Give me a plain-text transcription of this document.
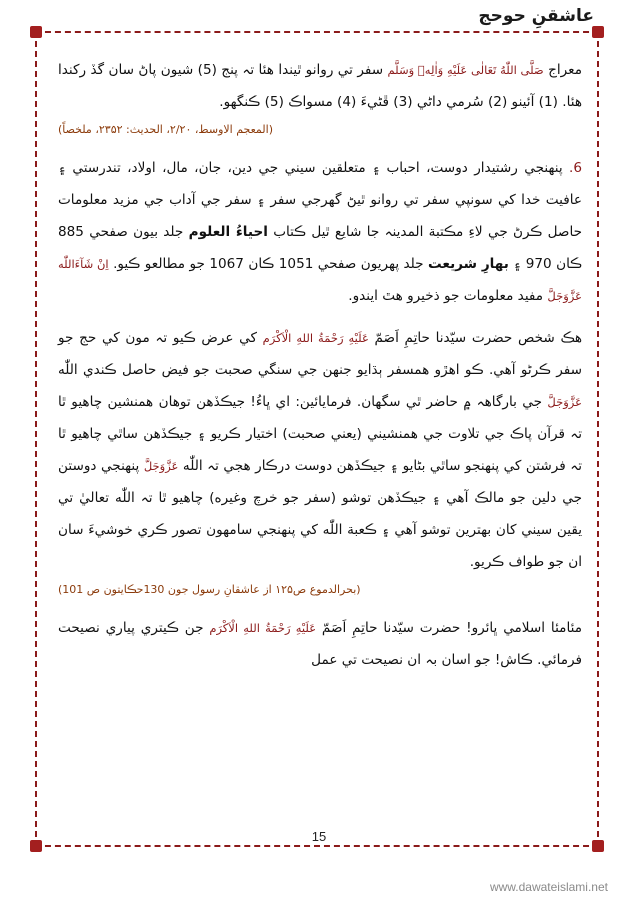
عاشقنِ حوحج

معراج صَلَّى اللّٰهُ تَعَالٰى عَلَيْهِ وَاٰلِهٖ وَسَلَّم سفر تي روانو ٿيندا هئا تہ پنج (5) شيون پاڻ سان گڏ رکندا هئا. (1) آئينو (2) سُرمي داڻي (3) ڦڻيءَ (4) مسواڪ (5) ڪنگهو.

(المعجم الاوسط، ۲/۲۰، الحديث: ۲۳۵۲، ملخصاً)

6. پنهنجي رشتيدار دوست، احباب ۽ متعلقين سيني جي دين، جان، مال، اولاد، تندرستي ۽ عافيت خدا کي سونپي سفر تي روانو ٿيڻ گهرجي سفر ۽ سفر جي آداب جي مزيد معلومات حاصل ڪرڻ جي لاءِ مڪتبة المدينہ جا شايع ٿيل ڪتاب احياءُ العلوم جلد بيون صفحي 885 ڪان 970 ۽ بهارِ شريعت جلد پهريون صفحي 1051 ڪان 1067 جو مطالعو ڪيو. اِنْ شَآءَاللّٰه عَزَّوَجَلَّ مفيد معلومات جو ذخيرو هٿ ايندو.

هڪ شخص حضرت سيّدنا حاتِمِ اَصَمّ عَلَيْهِ رَحْمَةُ اللهِ الْاَكْرَم کي عرض ڪيو تہ مون کي حج جو سفر ڪرڻو آهي. ڪو اهڙو همسفر ٻڌايو جنهن جي سنگي صحبت جو فيض حاصل ڪندي اللّٰه عَزَّوَجَلَّ جي بارگاهہ ۾ حاضر ٿي سگهان. فرمايائين: اي ڀاءُ! جيڪڏهن توهان همنشين چاهيو ٿا تہ قرآن پاڪ جي تلاوت جي همنشيني (يعني صحبت) اختيار ڪريو ۽ جيڪڏهن ساٿي چاهيو ٿا تہ فرشتن کي پنهنجو ساٿي بڻايو ۽ جيڪڏهن دوست درڪار هجي تہ اللّٰه عَزَّوَجَلَّ پنهنجي دوستن جي دلين جو مالڪ آهي ۽ جيڪڏهن توشو (سفر جو خرچ وغيره) چاهيو ٿا تہ اللّٰه تعاليٰ تي يقين سيني کان بهترين توشو آهي ۽ ڪعبة اللّٰه کي پنهنجي سامهون تصور ڪري خوشيءَ سان ان جو طواف ڪريو.

(بحرالدموع ص۱۲۵ از عاشقانِ رسول جون 130حڪايتون ص 101)

مئامئا اسلامي ڀائرو! حضرت سيّدنا حاتِمِ اَصَمّ عَلَيْهِ رَحْمَةُ اللهِ الْاَكْرَم جن ڪيتري پياري نصيحت فرمائي. ڪاش! جو اسان بہ ان نصيحت تي عمل

15
www.dawateislami.net
